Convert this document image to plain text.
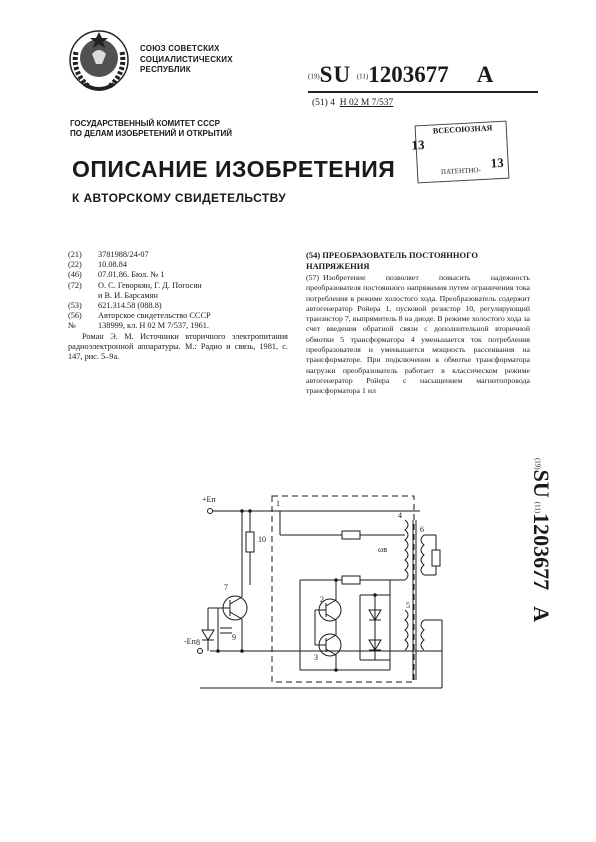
СОЮЗ СОВЕТСКИХ
СОЦИАЛИСТИЧЕСКИХ
РЕСПУБЛИК
(19)SU (11)1203677 A
(51) 4 Н 02 М 7/537
ГОСУДАРСТВЕННЫЙ КОМИТЕТ СССР
ПО ДЕЛАМ ИЗОБРЕТЕНИЙ И ОТКРЫТИЙ	ВСЕСОЮЗНАЯ
13
13
ПАТЕНТНО-
ОПИСАНИЕ ИЗОБРЕТЕНИЯ
К АВТОРСКОМУ СВИДЕТЕЛЬСТВУ
(21)	3781988/24-07
(22)	10.08.84
(46)	07.01.86. Бюл. № 1
(72)	О. С. Геворкян, Г. Д. Погосян
и В. И. Барсамян
(53)	621.314.58 (088.8)
(56)	Авторское свидетельство СССР
№	138999, кл. Н 02 М 7/537, 1961.
Роман Э. М. Источники вторичного электропитания радиоэлектронной аппаратуры. М.: Радио и связь, 1981, с. 147, рис. 5–9а.
(54) ПРЕОБРАЗОВАТЕЛЬ ПОСТОЯННОГО НАПРЯЖЕНИЯ
(57) Изобретение позволяет повысить надежность преобразователя постоянного напряжения путем ограничения тока потребления в режиме холостого хода. Преобразователь содержит автогенератор Ройера 1, пусковой резистор 10, регулирующий транзистор 7, выпрямитель 8 на диоде. В режиме холостого хода за счет введения обратной связи с дополнительной вторичной обмотки 5 трансформатора 4 уменьшается ток потребления преобразователя и уменьшается мощность рассеивания на трансформаторе. При подключении к обмотке трансформатора нагрузки преобразователь работает в классическом режиме автогенератор Ройера с насыщением магнитопровода трансформатора 1 ил
(19)SU (11)1203677A
+Eп
-Eп
1
2
3
4
5
6
7
8
9
10
ωв
